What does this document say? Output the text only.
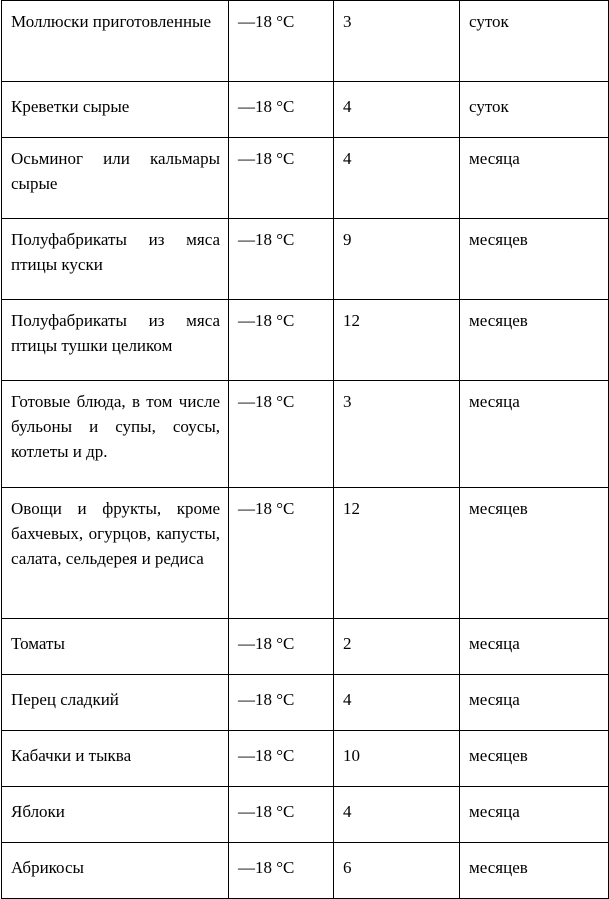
Моллюски приготовленные	—18 °С	3	суток
Креветки сырые	—18 °С	4	суток
Осьминог или кальмары сырые	—18 °С	4	месяца
Полуфабрикаты из мяса птицы куски	—18 °С	9	месяцев
Полуфабрикаты из мяса птицы тушки целиком	—18 °С	12	месяцев
Готовые блюда, в том числе бульоны и супы, соусы, котлеты и др.	—18 °С	3	месяца
Овощи и фрукты, кроме бахчевых, огурцов, капусты, салата, сельдерея и редиса	—18 °С	12	месяцев
Томаты	—18 °С	2	месяца
Перец сладкий	—18 °С	4	месяца
Кабачки и тыква	—18 °С	10	месяцев
Яблоки	—18 °С	4	месяца
Абрикосы	—18 °С	6	месяцев
